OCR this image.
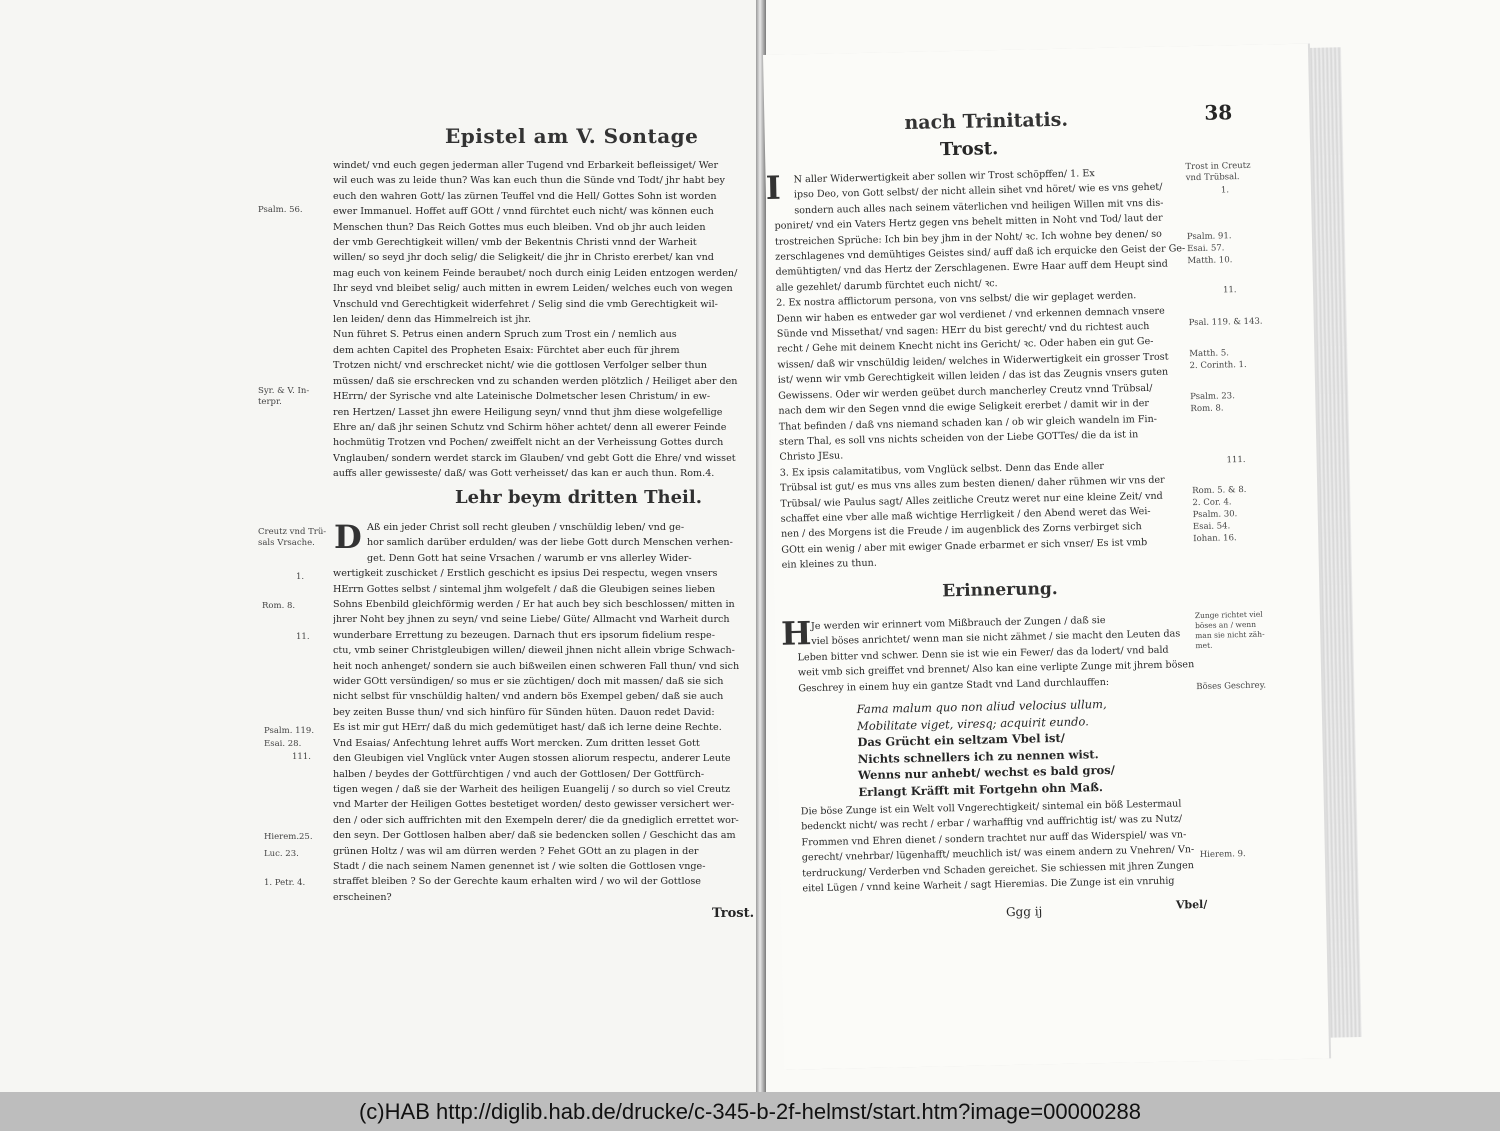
Epistel am V. Sontage
windet/ vnd euch gegen jederman aller Tugend vnd Erbarkeit befleissiget/ Wer
wil euch was zu leide thun? Was kan euch thun die Sünde vnd Todt/ jhr habt bey
euch den wahren Gott/ las zürnen Teuffel vnd die Hell/ Gottes Sohn ist worden
ewer Immanuel. Hoffet auff GOtt / vnnd fürchtet euch nicht/ was können euch
Menschen thun? Das Reich Gottes mus euch bleiben. Vnd ob jhr auch leiden
der vmb Gerechtigkeit willen/ vmb der Bekentnis Christi vnnd der Warheit
willen/ so seyd jhr doch selig/ die Seligkeit/ die jhr in Christo ererbet/ kan vnd
mag euch von keinem Feinde beraubet/ noch durch einig Leiden entzogen werden/
Ihr seyd vnd bleibet selig/ auch mitten in ewrem Leiden/ welches euch von wegen
Vnschuld vnd Gerechtigkeit widerfehret / Selig sind die vmb Gerechtigkeit wil-
len leiden/ denn das Himmelreich ist jhr.
Nun führet S. Petrus einen andern Spruch zum Trost ein / nemlich aus
dem achten Capitel des Propheten Esaix: Fürchtet aber euch für jhrem
Trotzen nicht/ vnd erschrecket nicht/ wie die gottlosen Verfolger selber thun
müssen/ daß sie erschrecken vnd zu schanden werden plötzlich / Heiliget aber den
HErrn/ der Syrische vnd alte Lateinische Dolmetscher lesen Christum/ in ew-
ren Hertzen/ Lasset jhn ewere Heiligung seyn/ vnnd thut jhm diese wolgefellige
Ehre an/ daß jhr seinen Schutz vnd Schirm höher achtet/ denn all ewerer Feinde
hochmütig Trotzen vnd Pochen/ zweiffelt nicht an der Verheissung Gottes durch
Vnglauben/ sondern werdet starck im Glauben/ vnd gebt Gott die Ehre/ vnd wisset
auffs aller gewisseste/ daß/ was Gott verheisset/ das kan er auch thun. Rom.4.
Lehr beym dritten Theil.
D Aß ein jeder Christ soll recht gleuben / vnschüldig leben/ vnd ge-
hor samlich darüber erdulden/ was der liebe Gott durch Menschen verhen-
get. Denn Gott hat seine Vrsachen / warumb er vns allerley Wider-
wertigkeit zuschicket / Erstlich geschicht es ipsius Dei respectu, wegen vnsers
HErrn Gottes selbst / sintemal jhm wolgefelt / daß die Gleubigen seines lieben
Sohns Ebenbild gleichförmig werden / Er hat auch bey sich beschlossen/ mitten in
jhrer Noht bey jhnen zu seyn/ vnd seine Liebe/ Güte/ Allmacht vnd Warheit durch
wunderbare Errettung zu bezeugen. Darnach thut ers ipsorum fidelium respe-
ctu, vmb seiner Christgleubigen willen/ dieweil jhnen nicht allein vbrige Schwach-
heit noch anhenget/ sondern sie auch bißweilen einen schweren Fall thun/ vnd sich
wider GOtt versündigen/ so mus er sie züchtigen/ doch mit massen/ daß sie sich
nicht selbst für vnschüldig halten/ vnd andern bös Exempel geben/ daß sie auch
bey zeiten Busse thun/ vnd sich hinfüro für Sünden hüten. Dauon redet David:
Es ist mir gut HErr/ daß du mich gedemütiget hast/ daß ich lerne deine Rechte.
Vnd Esaias/ Anfechtung lehret auffs Wort mercken. Zum dritten lesset Gott
den Gleubigen viel Vnglück vnter Augen stossen aliorum respectu, anderer Leute
halben / beydes der Gottfürchtigen / vnd auch der Gottlosen/ Der Gottfürch-
tigen wegen / daß sie der Warheit des heiligen Euangelij / so durch so viel Creutz
vnd Marter der Heiligen Gottes bestetiget worden/ desto gewisser versichert wer-
den / oder sich auffrichten mit den Exempeln derer/ die da gnediglich errettet wor-
den seyn. Der Gottlosen halben aber/ daß sie bedencken sollen / Geschicht das am
grünen Holtz / was wil am dürren werden ? Fehet GOtt an zu plagen in der
Stadt / die nach seinem Namen genennet ist / wie solten die Gottlosen vnge-
straffet bleiben ? So der Gerechte kaum erhalten wird / wo wil der Gottlose
erscheinen?
Psalm. 56.
Syr. & V. In-
terpr.
Creutz vnd Trü-
sals Vrsache.
1.
Rom. 8.
11.
Psalm. 119.
Esai. 28.
111.
Hierem.25.
Luc. 23.
1. Petr. 4.
Trost.
nach Trinitatis.	38
Trost.
I	N aller Widerwertigkeit aber sollen wir Trost schöpffen/ 1. Ex
ipso Deo, von Gott selbst/ der nicht allein sihet vnd höret/ wie es vns gehet/
sondern auch alles nach seinem väterlichen vnd heiligen Willen mit vns dis-
poniret/ vnd ein Vaters Hertz gegen vns behelt mitten in Noht vnd Tod/ laut der
trostreichen Sprüche: Ich bin bey jhm in der Noht/ ꝛc. Ich wohne bey denen/ so
zerschlagenes vnd demühtiges Geistes sind/ auff daß ich erquicke den Geist der Ge-
demühtigten/ vnd das Hertz der Zerschlagenen. Ewre Haar auff dem Heupt sind
alle gezehlet/ darumb fürchtet euch nicht/ ꝛc.
2. Ex nostra afflictorum persona, von vns selbst/ die wir geplaget werden.
Denn wir haben es entweder gar wol verdienet / vnd erkennen demnach vnsere
Sünde vnd Missethat/ vnd sagen: HErr du bist gerecht/ vnd du richtest auch
recht / Gehe mit deinem Knecht nicht ins Gericht/ ꝛc. Oder haben ein gut Ge-
wissen/ daß wir vnschüldig leiden/ welches in Widerwertigkeit ein grosser Trost
ist/ wenn wir vmb Gerechtigkeit willen leiden / das ist das Zeugnis vnsers guten
Gewissens. Oder wir werden geübet durch mancherley Creutz vnnd Trübsal/
nach dem wir den Segen vnnd die ewige Seligkeit ererbet / damit wir in der
That befinden / daß vns niemand schaden kan / ob wir gleich wandeln im Fin-
stern Thal, es soll vns nichts scheiden von der Liebe GOTTes/ die da ist in
Christo JEsu.
3. Ex ipsis calamitatibus, vom Vnglück selbst. Denn das Ende aller
Trübsal ist gut/ es mus vns alles zum besten dienen/ daher rühmen wir vns der
Trübsal/ wie Paulus sagt/ Alles zeitliche Creutz weret nur eine kleine Zeit/ vnd
schaffet eine vber alle maß wichtige Herrligkeit / den Abend weret das Wei-
nen / des Morgens ist die Freude / im augenblick des Zorns verbirget sich
GOtt ein wenig / aber mit ewiger Gnade erbarmet er sich vnser/ Es ist vmb
ein kleines zu thun.
Erinnerung.
H Je werden wir erinnert vom Mißbrauch der Zungen / daß sie
viel böses anrichtet/ wenn man sie nicht zähmet / sie macht den Leuten das
Leben bitter vnd schwer. Denn sie ist wie ein Fewer/ das da lodert/ vnd bald
weit vmb sich greiffet vnd brennet/ Also kan eine verlipte Zunge mit jhrem bösen
Geschrey in einem huy ein gantze Stadt vnd Land durchlauffen:
Fama malum quo non aliud velocius ullum,
Mobilitate viget, viresq; acquirit eundo.
Das Grücht ein seltzam Vbel ist/
Nichts schnellers ich zu nennen wist.
Wenns nur anhebt/ wechst es bald gros/
Erlangt Kräfft mit Fortgehn ohn Maß.
Die böse Zunge ist ein Welt voll Vngerechtigkeit/ sintemal ein böß Lestermaul
bedenckt nicht/ was recht / erbar / warhafftig vnd auffrichtig ist/ was zu Nutz/
Frommen vnd Ehren dienet / sondern trachtet nur auff das Widerspiel/ was vn-
gerecht/ vnehrbar/ lügenhafft/ meuchlich ist/ was einem andern zu Vnehren/ Vn-
terdruckung/ Verderben vnd Schaden gereichet. Sie schiessen mit jhren Zungen
eitel Lügen / vnnd keine Warheit / sagt Hieremias. Die Zunge ist ein vnruhig
Ggg ij	Vbel/
Trost in Creutz
vnd Trübsal.
1.
Psalm. 91.
Esai. 57.
Matth. 10.
11.
Psal. 119. & 143.
Matth. 5.
2. Corinth. 1.
Psalm. 23.
Rom. 8.
111.
Rom. 5. & 8.
2. Cor. 4.
Psalm. 30.
Esai. 54.
Iohan. 16.
Zunge richtet viel
böses an / wenn
man sie nicht zäh-
met.
Böses Geschrey.
Hierem. 9.
(c)HAB http://diglib.hab.de/drucke/c-345-b-2f-helmst/start.htm?image=00000288
